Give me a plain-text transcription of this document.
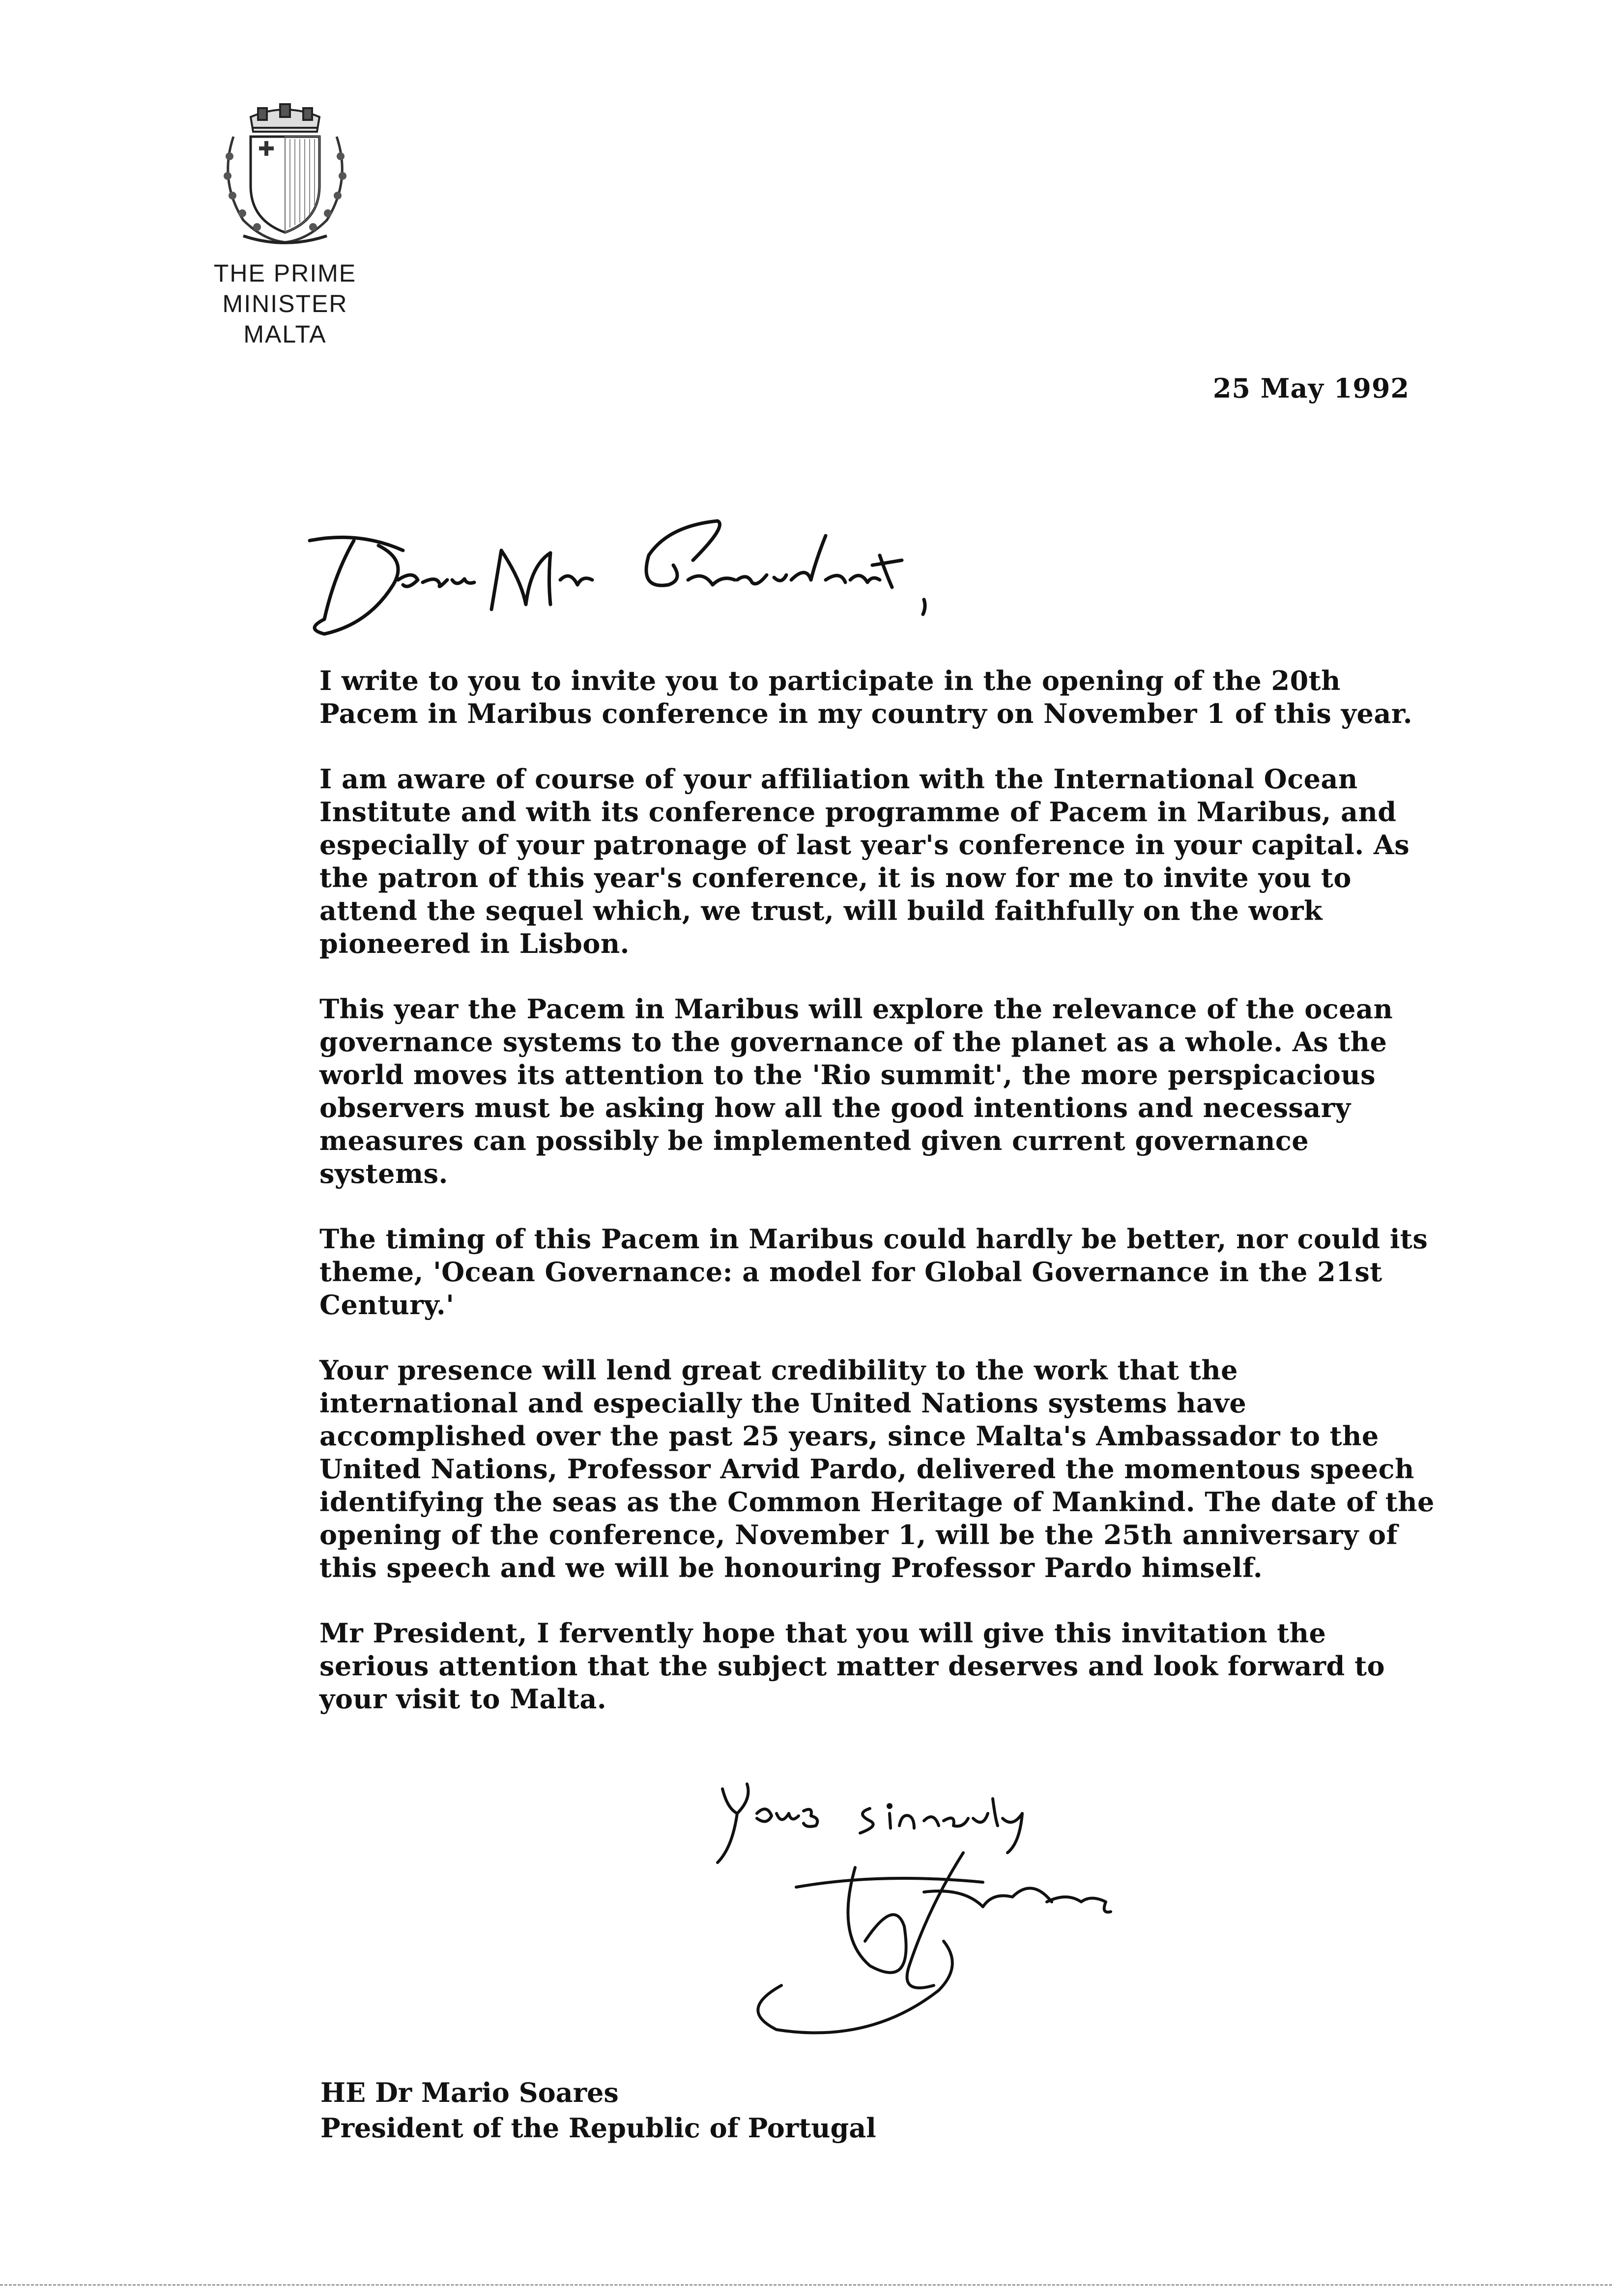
THE PRIME MINISTER
MALTA
25 May 1992

I write to you to invite you to participate in the opening of the 20th Pacem in Maribus conference in my country on November 1 of this year.

I am aware of course of your affiliation with the International Ocean Institute and with its conference programme of Pacem in Maribus, and especially of your patronage of last year's conference in your capital. As the patron of this year's conference, it is now for me to invite you to attend the sequel which, we trust, will build faithfully on the work pioneered in Lisbon.

This year the Pacem in Maribus will explore the relevance of the ocean governance systems to the governance of the planet as a whole. As the world moves its attention to the 'Rio summit', the more perspicacious observers must be asking how all the good intentions and necessary measures can possibly be implemented given current governance systems.

The timing of this Pacem in Maribus could hardly be better, nor could its theme, 'Ocean Governance: a model for Global Governance in the 21st Century.'

Your presence will lend great credibility to the work that the international and especially the United Nations systems have accomplished over the past 25 years, since Malta's Ambassador to the United Nations, Professor Arvid Pardo, delivered the momentous speech identifying the seas as the Common Heritage of Mankind. The date of the opening of the conference, November 1, will be the 25th anniversary of this speech and we will be honouring Professor Pardo himself.

Mr President, I fervently hope that you will give this invitation the serious attention that the subject matter deserves and look forward to your visit to Malta.

HE Dr Mario Soares
President of the Republic of Portugal
